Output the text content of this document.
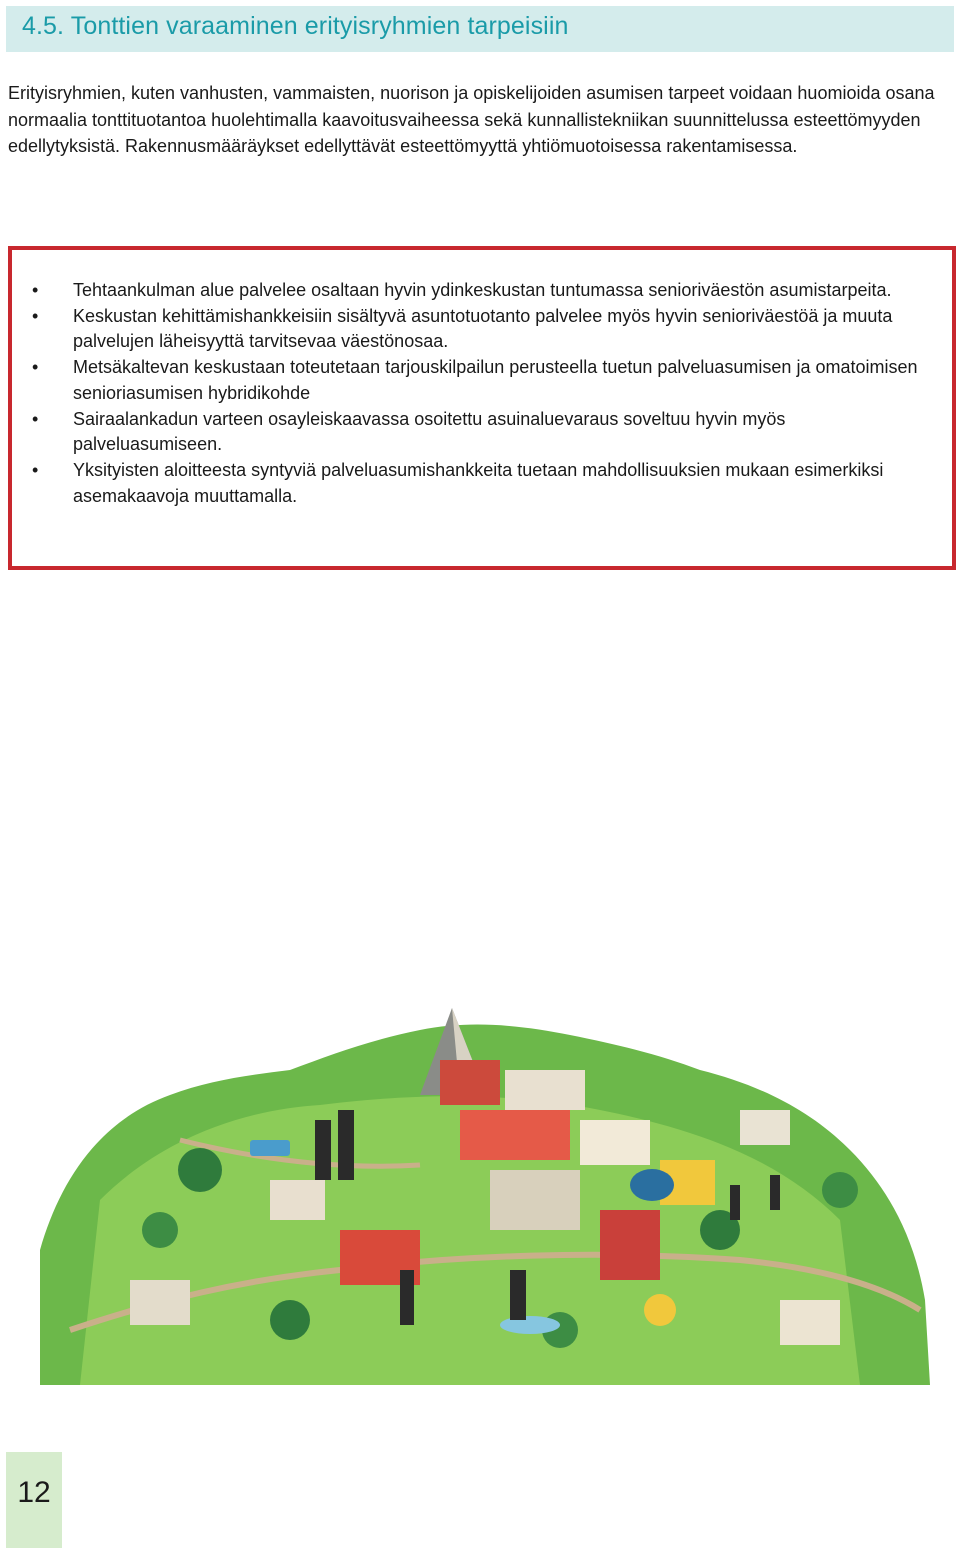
4.5. Tonttien varaaminen erityisryhmien tarpeisiin

Erityisryhmien, kuten vanhusten, vammaisten, nuorison ja opiskelijoiden asumisen tarpeet voidaan huomioida osana normaalia tonttituotantoa huolehtimalla kaavoitusvaiheessa sekä kunnallistekniikan suunnittelussa esteettömyyden edellytyksistä. Rakennusmääräykset edellyttävät esteettömyyttä yhtiömuotoisessa rakentamisessa.

• Tehtaankulman alue palvelee osaltaan hyvin ydinkeskustan tuntumassa senioriväestön asumistarpeita.
• Keskustan kehittämishankkeisiin sisältyvä asuntotuotanto palvelee myös hyvin senioriväestöä ja muuta palvelujen läheisyyttä tarvitsevaa väestönosaa.
• Metsäkaltevan keskustaan toteutetaan tarjouskilpailun perusteella tuetun palveluasumisen ja omatoimisen senioriasumisen hybridikohde
• Sairaalankadun varteen osayleiskaavassa osoitettu asuinaluevaraus soveltuu hyvin myös palveluasumiseen.
• Yksityisten aloitteesta syntyviä palveluasumishankkeita tuetaan mahdollisuuksien mukaan esimerkiksi asemakaavoja muuttamalla.
12
